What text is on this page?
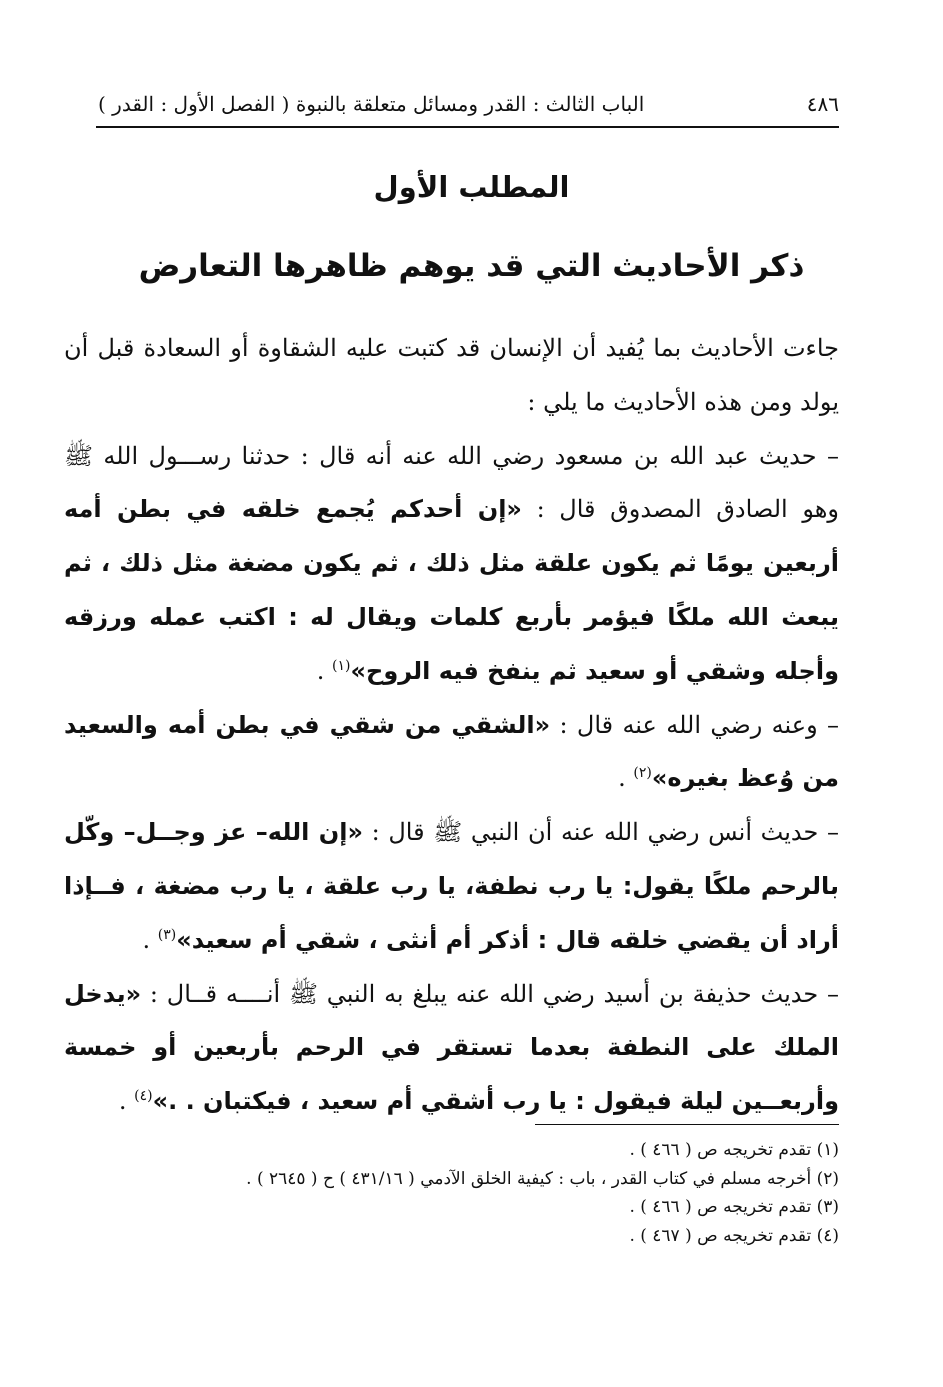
٤٨٦
الباب الثالث : القدر ومسائل متعلقة بالنبوة ( الفصل الأول : القدر )
المطلب الأول
ذكر الأحاديث التي قد يوهم ظاهرها التعارض

جاءت الأحاديث بما يُفيد أن الإنسان قد كتبت عليه الشقاوة أو السعادة قبل أن يولد ومن هذه الأحاديث ما يلي :

– حديث عبد الله بن مسعود رضي الله عنه أنه قال : حدثنا رســـول الله ﷺ وهو الصادق المصدوق قال : «إن أحدكم يُجمع خلقه في بطن أمه أربعين يومًا ثم يكون علقة مثل ذلك ، ثم يكون مضغة مثل ذلك ، ثم يبعث الله ملكًا فيؤمر بأربع كلمات ويقال له : اكتب عمله ورزقه وأجله وشقي أو سعيد ثم ينفخ فيه الروح»$^{(١)}$ .

– وعنه رضي الله عنه قال : «الشقي من شقي في بطن أمه والسعيد من وُعظ بغيره»$^{(٢)}$ .

– حديث أنس رضي الله عنه أن النبي ﷺ قال : «إن الله– عز وجــل– وكّل بالرحم ملكًا يقول: يا رب نطفة، يا رب علقة ، يا رب مضغة ، فــإذا أراد أن يقضي خلقه قال : أذكر أم أنثى ، شقي أم سعيد»$^{(٣)}$ .

– حديث حذيفة بن أسيد رضي الله عنه يبلغ به النبي ﷺ أنــــه قــال : «يدخل الملك على النطفة بعدما تستقر في الرحم بأربعين أو خمسة وأربعــين ليلة فيقول : يا رب أشقي أم سعيد ، فيكتبان . .»$^{(٤)}$ .

(١) تقدم تخريجه ص ( ٤٦٦ ) .
(٢) أخرجه مسلم في كتاب القدر ، باب : كيفية الخلق الآدمي ( ٤٣١/١٦ ) ح ( ٢٦٤٥ ) .
(٣) تقدم تخريجه ص ( ٤٦٦ ) .
(٤) تقدم تخريجه ص ( ٤٦٧ ) .
